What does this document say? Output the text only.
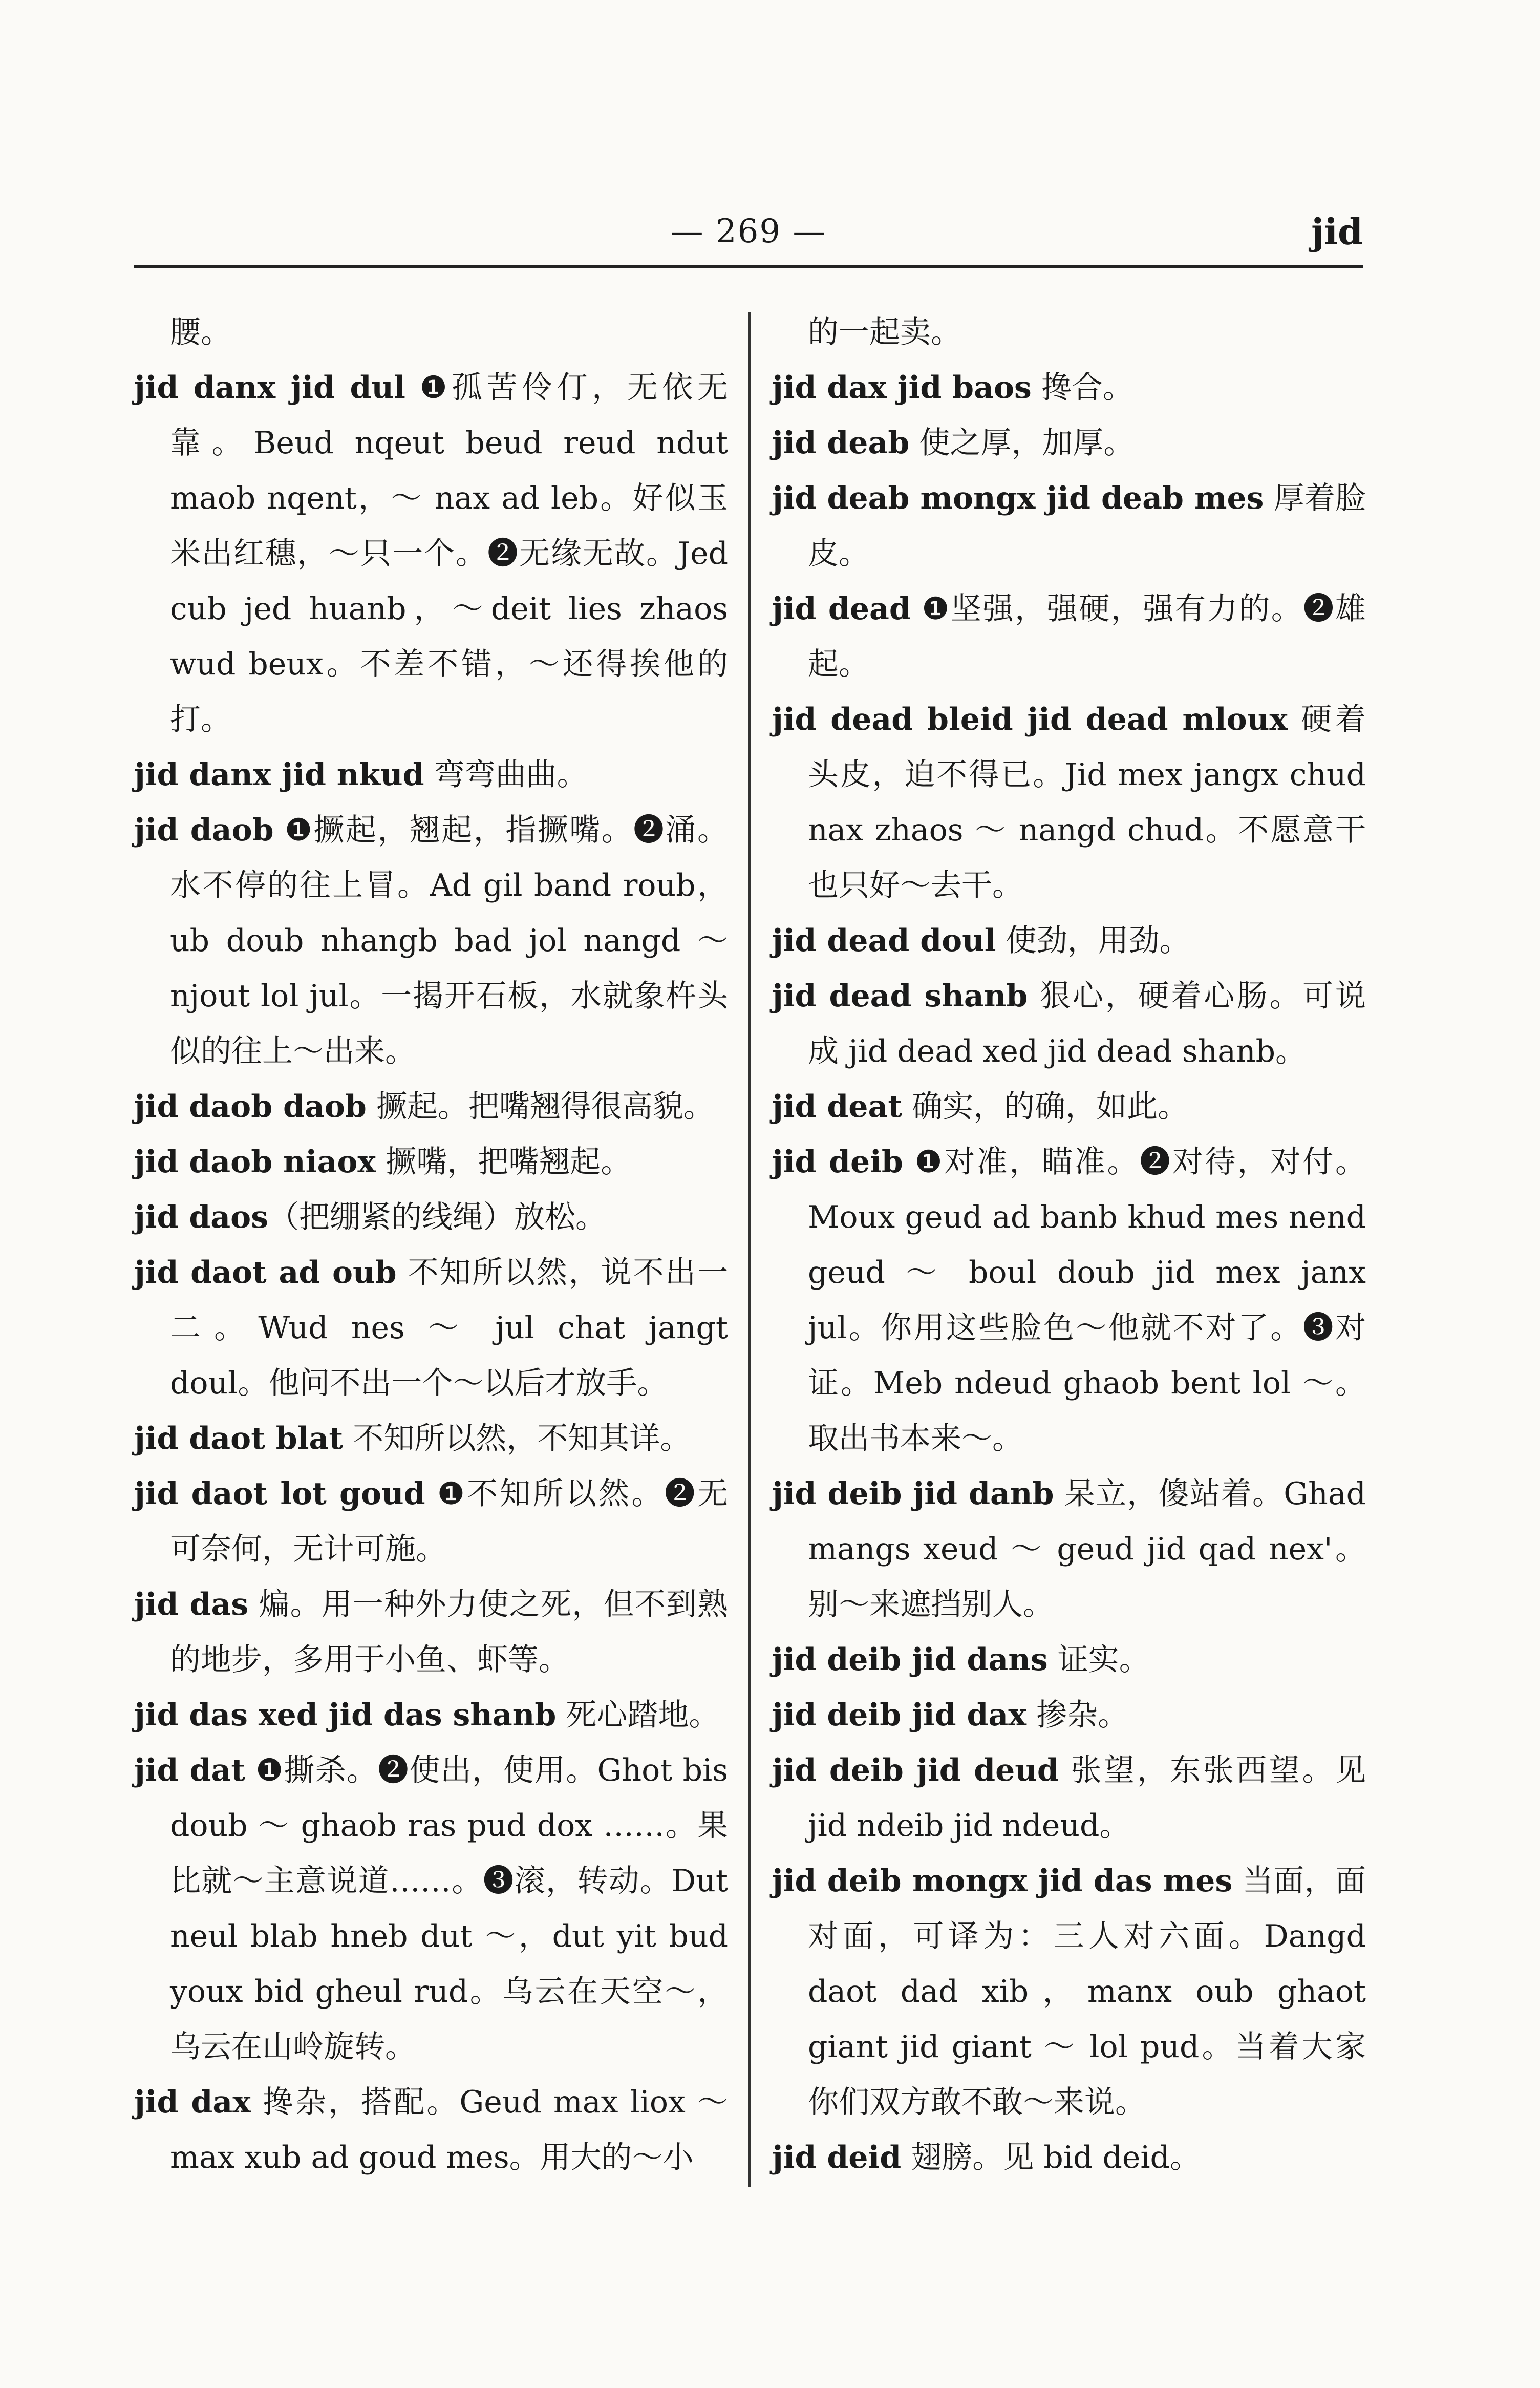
— 269 —	jid
腰。
jid danx jid dul ❶孤苦伶仃，无依无靠。Beud nqeut beud reud ndut maob nqent，～ nax ad leb。好似玉米出红穗，～只一个。❷无缘无故。Jed cub jed huanb，～deit lies zhaos wud beux。不差不错，～还得挨他的打。
jid danx jid nkud 弯弯曲曲。
jid daob ❶撅起，翘起，指撅嘴。❷涌。水不停的往上冒。Ad gil band roub，ub doub nhangb bad jol nangd ～ njout lol jul。一揭开石板，水就象杵头似的往上～出来。
jid daob daob 撅起。把嘴翘得很高貌。
jid daob niaox 撅嘴，把嘴翘起。
jid daos（把绷紧的线绳）放松。
jid daot ad oub 不知所以然，说不出一二。Wud nes ～ jul chat jangt doul。他问不出一个～以后才放手。
jid daot blat 不知所以然，不知其详。
jid daot lot goud ❶不知所以然。❷无可奈何，无计可施。
jid das 煸。用一种外力使之死，但不到熟的地步，多用于小鱼、虾等。
jid das xed jid das shanb 死心踏地。
jid dat ❶撕杀。❷使出，使用。Ghot bis doub ～ ghaob ras pud dox ……。果比就～主意说道……。❸滚，转动。Dut neul blab hneb dut ～，dut yit bud youx bid gheul rud。乌云在天空～，乌云在山岭旋转。
jid dax 搀杂，搭配。Geud max liox ～ max xub ad goud mes。用大的～小
的一起卖。
jid dax jid baos 搀合。
jid deab 使之厚，加厚。
jid deab mongx jid deab mes 厚着脸皮。
jid dead ❶坚强，强硬，强有力的。❷雄起。
jid dead bleid jid dead mloux 硬着头皮，迫不得已。Jid mex jangx chud nax zhaos ～ nangd chud。不愿意干也只好～去干。
jid dead doul 使劲，用劲。
jid dead shanb 狠心，硬着心肠。可说成 jid dead xed jid dead shanb。
jid deat 确实，的确，如此。
jid deib ❶对准，瞄准。❷对待，对付。Moux geud ad banb khud mes nend geud ～ boul doub jid mex janx jul。你用这些脸色～他就不对了。❸对证。Meb ndeud ghaob bent lol ～。取出书本来～。
jid deib jid danb 呆立，傻站着。Ghad mangs xeud ～ geud jid qad nex'。别～来遮挡别人。
jid deib jid dans 证实。
jid deib jid dax 掺杂。
jid deib jid deud 张望，东张西望。见 jid ndeib jid ndeud。
jid deib mongx jid das mes 当面，面对面，可译为：三人对六面。Dangd daot dad xib，manx oub ghaot giant jid giant ～ lol pud。当着大家你们双方敢不敢～来说。
jid deid 翅膀。见 bid deid。
